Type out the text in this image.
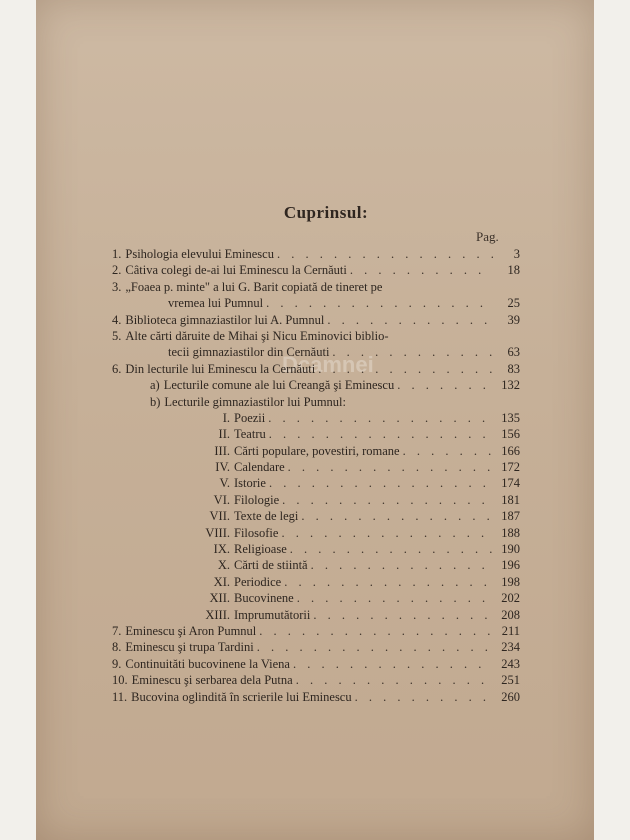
Cuprinsul:
Pag.
Dcamnei
1. Psihologia elevului Eminescu . . .	3
2. Câtiva colegi de-ai lui Eminescu la Cernăuti . . .	18
3. „Foaea p. minte" a lui G. Barit copiată de tineret pe
vremea lui Pumnul . . .	25
4. Biblioteca gimnaziastilor lui A. Pumnul . . .	39
5. Alte cărti dăruite de Mihai şi Nicu Eminovici biblio-
tecii gimnaziastilor din Cernăuti . . .	63
6. Din lecturile lui Eminescu la Cernăuti . . .	83
a) Lecturile comune ale lui Creangă şi Eminescu . . .	132
b) Lecturile gimnaziastilor lui Pumnul:
I. Poezii . . .	135
II. Teatru . . .	156
III. Cărti populare, povestiri, romane . . .	166
IV. Calendare . . .	172
V. Istorie . . .	174
VI. Filologie . . .	181
VII. Texte de legi . . .	187
VIII. Filosofie . . .	188
IX. Religioase . . .	190
X. Cărti de stiintă . . .	196
XI. Periodice . . .	198
XII. Bucovinene . . .	202
XIII. Imprumutătorii . . .	208
7. Eminescu şi Aron Pumnul . . .	211
8. Eminescu şi trupa Tardini . . .	234
9. Continuităti bucovinene la Viena . . .	243
10. Eminescu şi serbarea dela Putna . . .	251
11. Bucovina oglindită în scrierile lui Eminescu . . .	260
